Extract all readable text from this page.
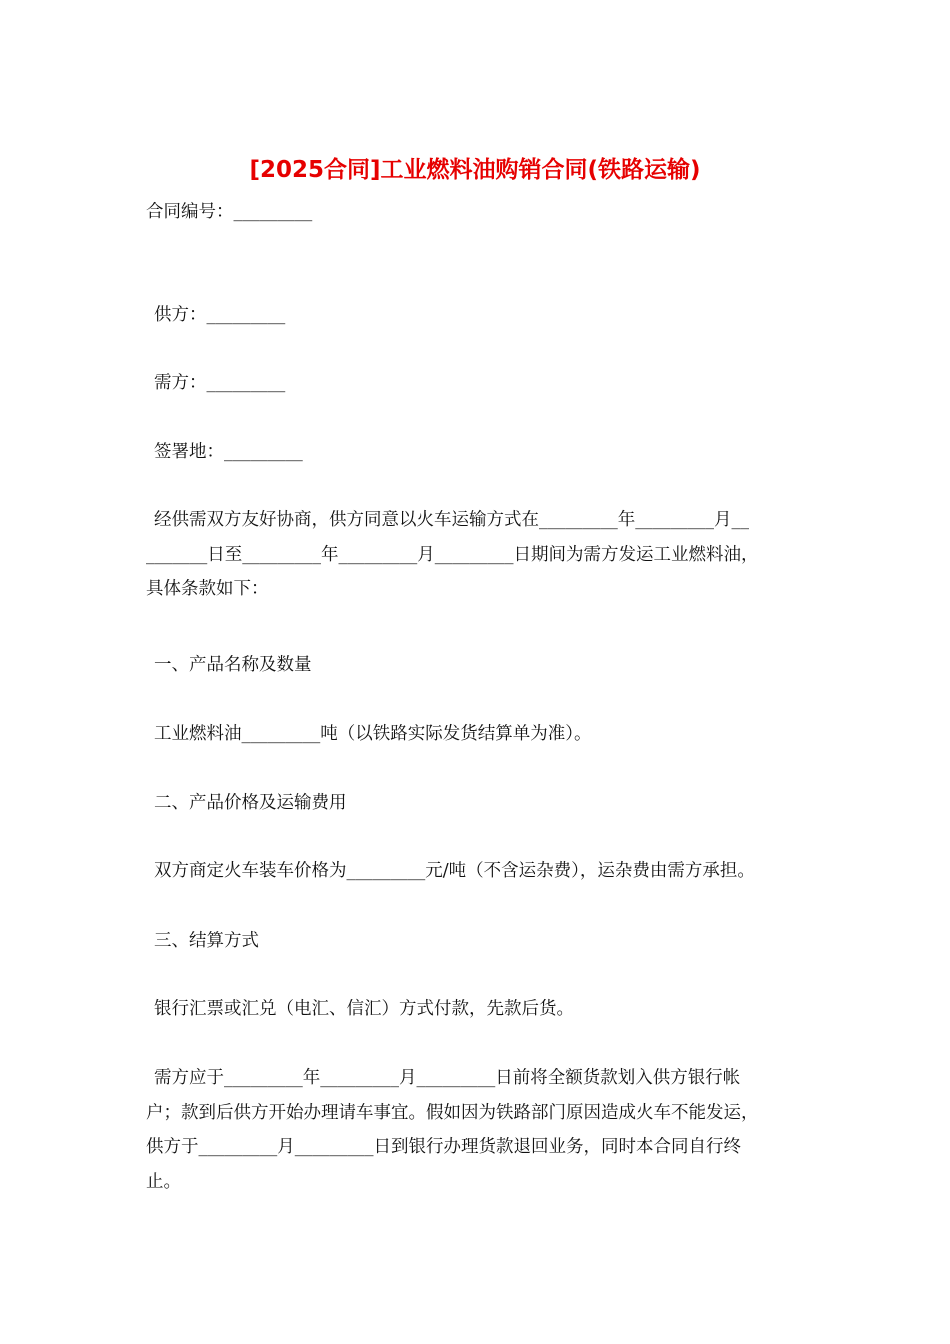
[2025合同]工业燃料油购销合同(铁路运输)
合同编号：_________
供方：_________
需方：_________
签署地：_________
经供需双方友好协商，供方同意以火车运输方式在_________年_________月__
_______日至_________年_________月_________日期间为需方发运工业燃料油，
具体条款如下：
一、产品名称及数量
工业燃料油_________吨（以铁路实际发货结算单为准）。
二、产品价格及运输费用
双方商定火车装车价格为_________元/吨（不含运杂费），运杂费由需方承担。
三、结算方式
银行汇票或汇兑（电汇、信汇）方式付款，先款后货。
需方应于_________年_________月_________日前将全额货款划入供方银行帐
户；款到后供方开始办理请车事宜。假如因为铁路部门原因造成火车不能发运，
供方于_________月_________日到银行办理货款退回业务，同时本合同自行终
止。
